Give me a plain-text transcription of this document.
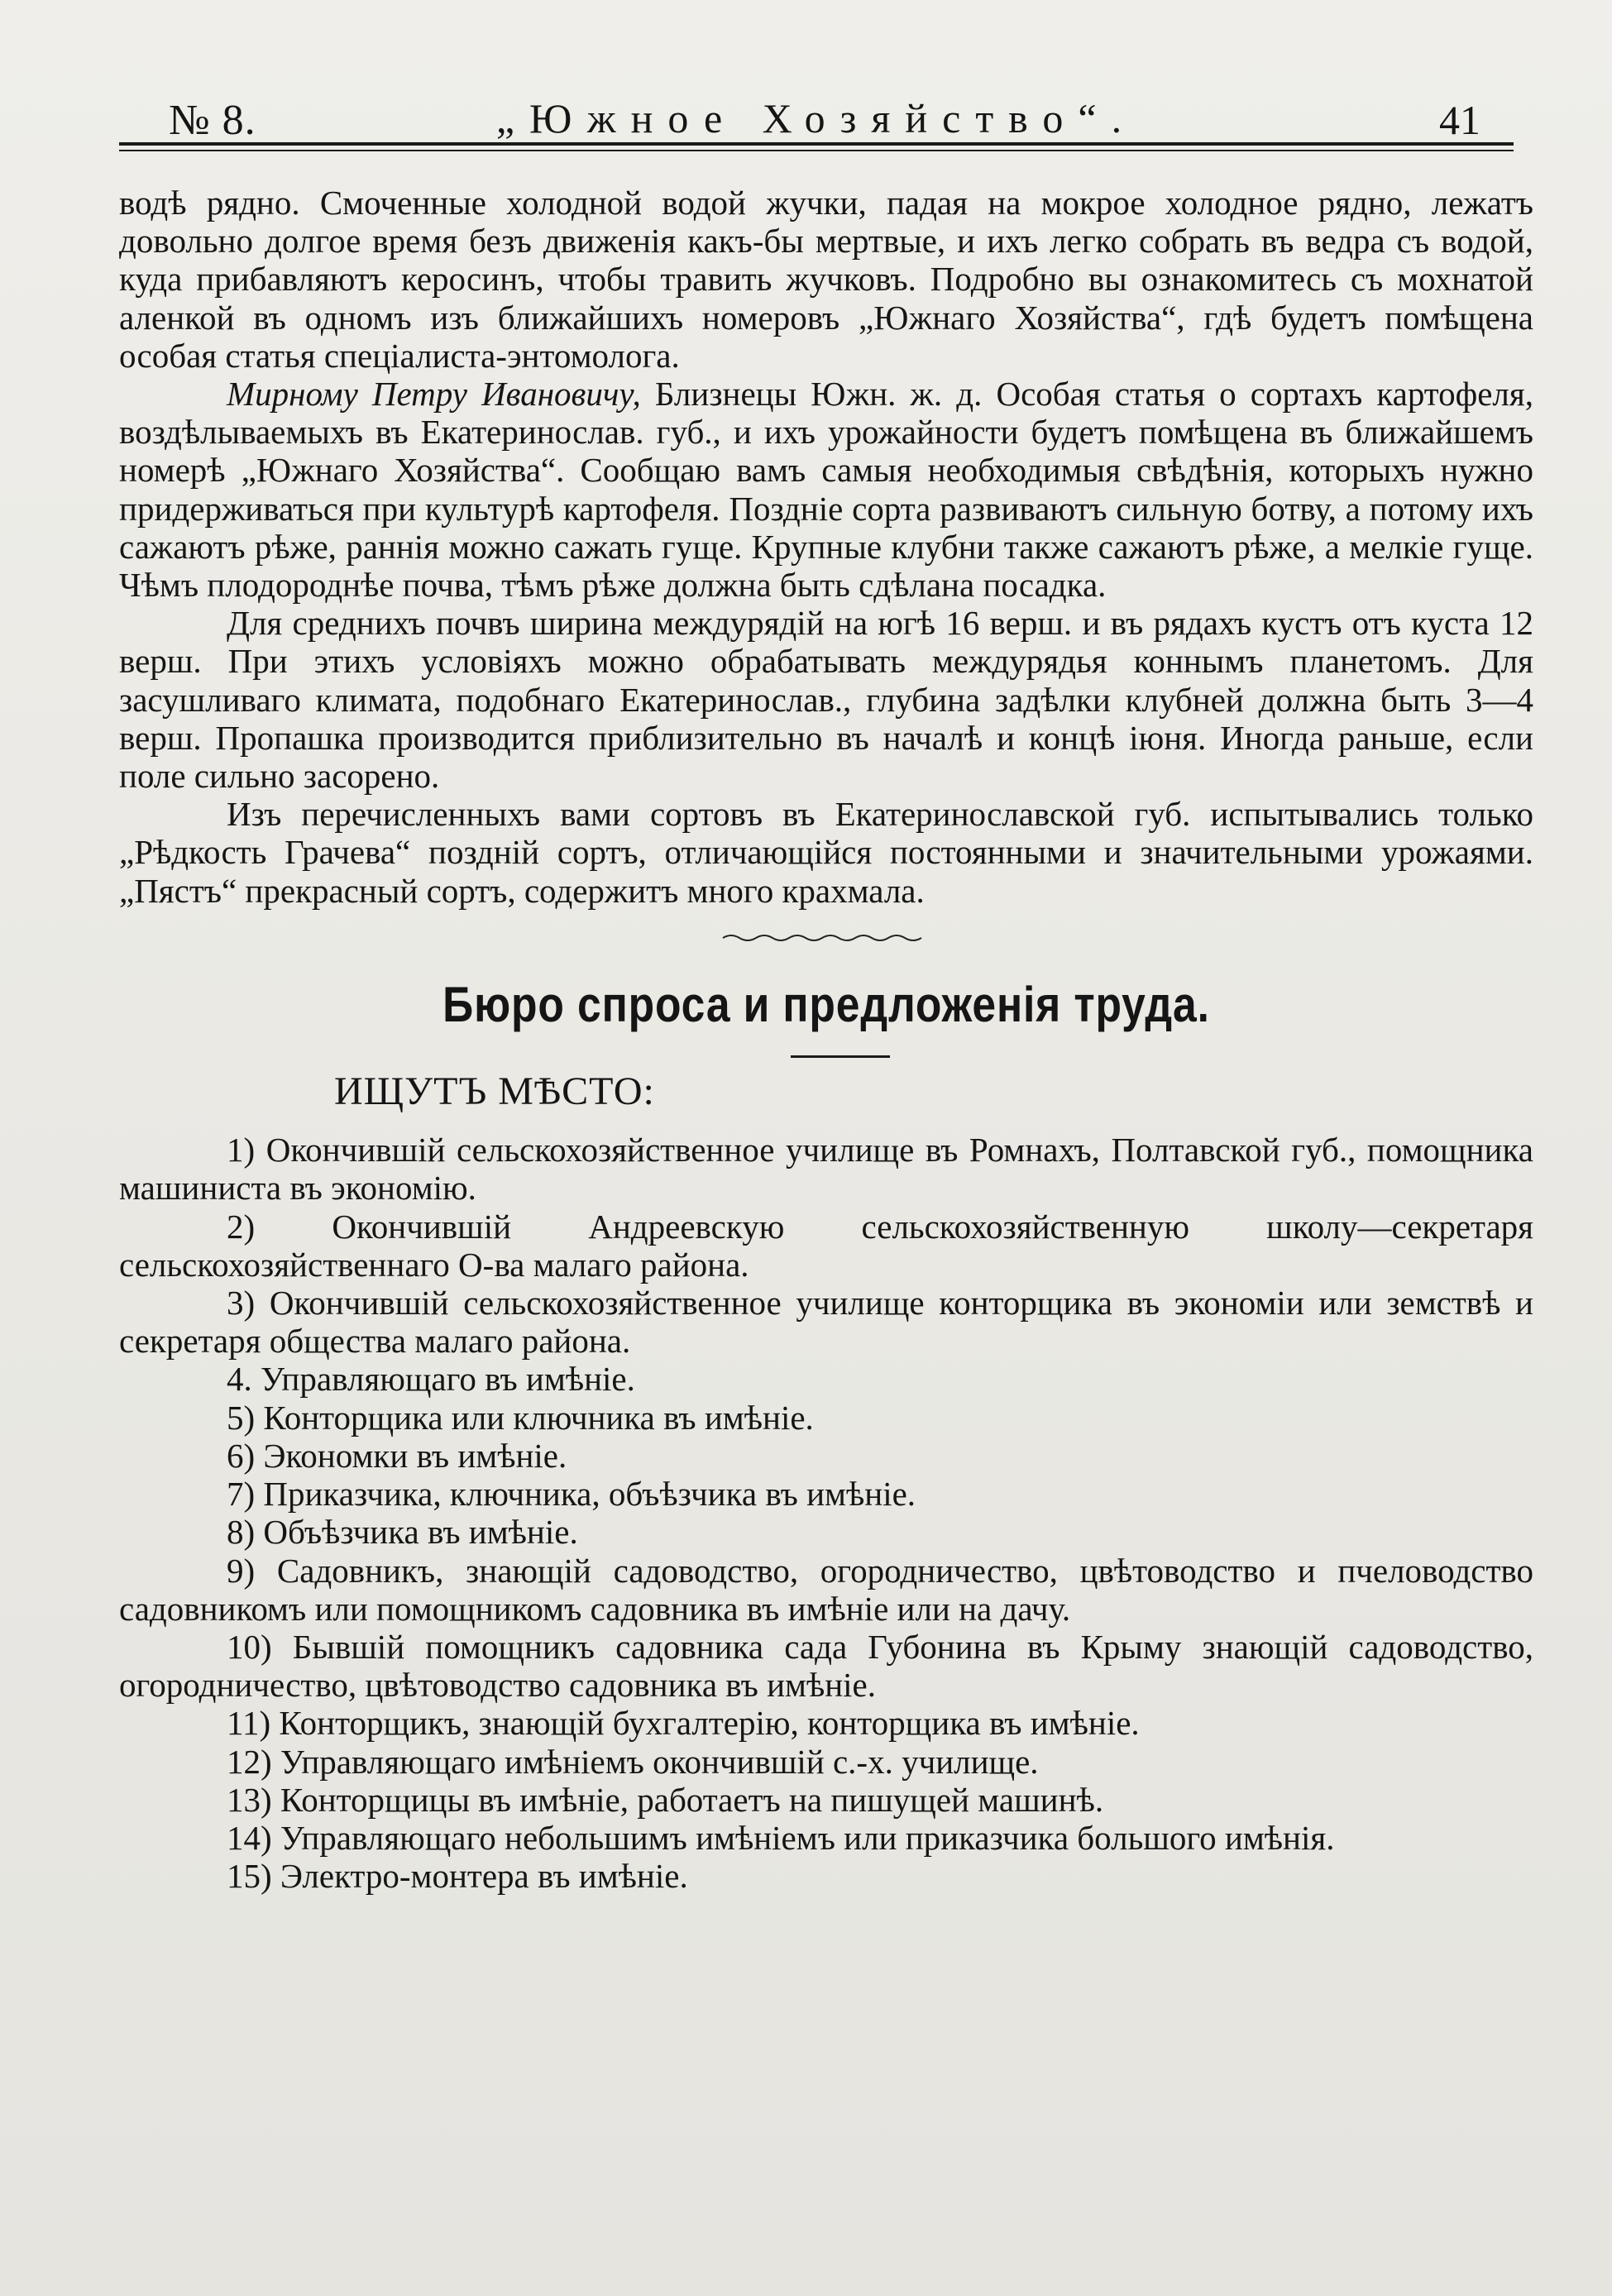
№ 8.	„Южное Хозяйство“.	41

водѣ рядно. Смоченные холодной водой жучки, падая на мокрое холодное рядно, лежатъ довольно долгое время безъ движенія какъ-бы мертвые, и ихъ легко собрать въ ведра съ водой, куда прибавляютъ керосинъ, чтобы травить жучковъ. Подробно вы ознакомитесь съ мохнатой аленкой въ одномъ изъ ближайшихъ номеровъ „Южнаго Хозяйства“, гдѣ будетъ помѣщена особая статья спеціалиста-энтомолога.

Мирному Петру Ивановичу, Близнецы Южн. ж. д. Особая статья о сортахъ картофеля, воздѣлываемыхъ въ Екатеринослав. губ., и ихъ урожайности будетъ помѣщена въ ближайшемъ номерѣ „Южнаго Хозяйства“. Сообщаю вамъ самыя необходимыя свѣдѣнія, которыхъ нужно придерживаться при культурѣ картофеля. Поздніе сорта развиваютъ сильную ботву, а потому ихъ сажаютъ рѣже, раннія можно сажать гуще. Крупные клубни также сажаютъ рѣже, а мелкіе гуще. Чѣмъ плодороднѣе почва, тѣмъ рѣже должна быть сдѣлана посадка.

Для среднихъ почвъ ширина междурядій на югѣ 16 верш. и въ рядахъ кустъ отъ куста 12 верш. При этихъ условіяхъ можно обрабатывать междурядья коннымъ планетомъ. Для засушливаго климата, подобнаго Екатеринослав., глубина задѣлки клубней должна быть 3—4 верш. Пропашка производится приблизительно въ началѣ и концѣ іюня. Иногда раньше, если поле сильно засорено.

Изъ перечисленныхъ вами сортовъ въ Екатеринославской губ. испытывались только „Рѣдкость Грачева“ поздній сортъ, отличающійся постоянными и значительными урожаями. „Пястъ“ прекрасный сортъ, содержитъ много крахмала.

Бюро спроса и предложенія труда.
ИЩУТЪ МѢСТО:

1) Окончившій сельскохозяйственное училище въ Ромнахъ, Полтавской губ., помощника машиниста въ экономію.

2) Окончившій Андреевскую сельскохозяйственную школу—секретаря сельскохозяйственнаго О-ва малаго района.

3) Окончившій сельскохозяйственное училище конторщика въ экономіи или земствѣ и секретаря общества малаго района.

4. Управляющаго въ имѣніе.

5) Конторщика или ключника въ имѣніе.

6) Экономки въ имѣніе.

7) Приказчика, ключника, объѣзчика въ имѣніе.

8) Объѣзчика въ имѣніе.

9) Садовникъ, знающій садоводство, огородничество, цвѣтоводство и пчеловодство садовникомъ или помощникомъ садовника въ имѣніе или на дачу.

10) Бывшій помощникъ садовника сада Губонина въ Крыму знающій садоводство, огородничество, цвѣтоводство садовника въ имѣніе.

11) Конторщикъ, знающій бухгалтерію, конторщика въ имѣніе.

12) Управляющаго имѣніемъ окончившій с.-х. училище.

13) Конторщицы въ имѣніе, работаетъ на пишущей машинѣ.

14) Управляющаго небольшимъ имѣніемъ или приказчика большого имѣнія.

15) Электро-монтера въ имѣніе.
